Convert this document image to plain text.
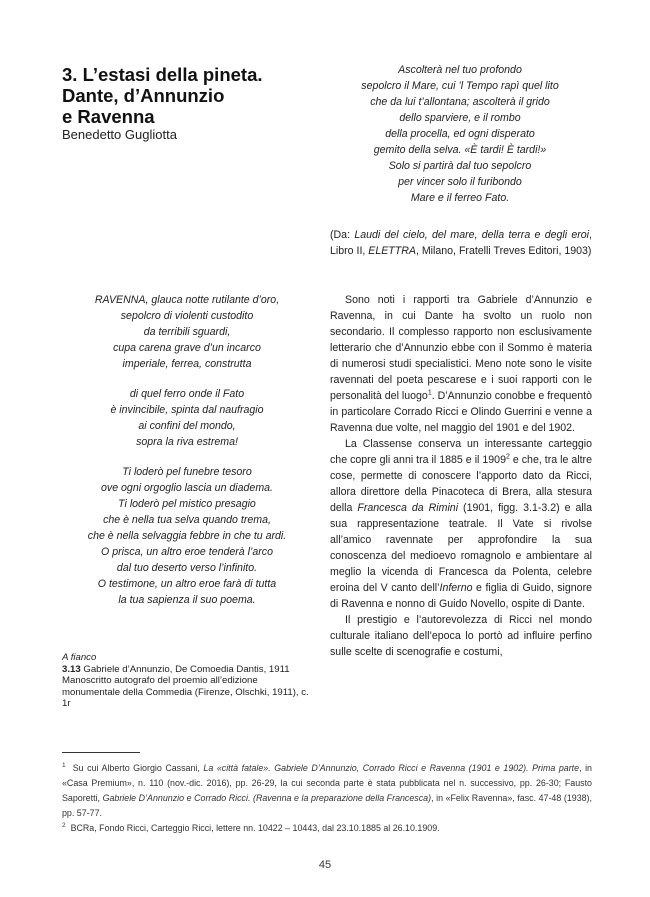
3. L’estasi della pineta.
Dante, d’Annunzio
e Ravenna
Benedetto Gugliotta
Ascolterà nel tuo profondo
sepolcro il Mare, cui ’l Tempo rapì quel lito
che da lui t’allontana; ascolterà il grido
dello sparviere, e il rombo
della procella, ed ogni disperato
gemito della selva. «È tardi! È tardi!»
Solo si partirà dal tuo sepolcro
per vincer solo il furibondo
Mare e il ferreo Fato.
(Da: Laudi del cielo, del mare, della terra e degli eroi, Libro II, ELETTRA, Milano, Fratelli Treves Editori, 1903)
RAVENNA, glauca notte rutilante d’oro,
sepolcro di violenti custodito
da terribili sguardi,
cupa carena grave d’un incarco
imperiale, ferrea, construtta
di quel ferro onde il Fato
è invincibile, spinta dal naufragio
ai confini del mondo,
sopra la riva estrema!
Ti loderò pel funebre tesoro
ove ogni orgoglio lascia un diadema.
Ti loderò pel mistico presagio
che è nella tua selva quando trema,
che è nella selvaggia febbre in che tu ardi.
O prisca, un altro eroe tenderà l’arco
dal tuo deserto verso l’infinito.
O testimone, un altro eroe farà di tutta
la tua sapienza il suo poema.

Sono noti i rapporti tra Gabriele d’Annunzio e Ravenna, in cui Dante ha svolto un ruolo non secondario. Il complesso rapporto non esclusivamente letterario che d’Annunzio ebbe con il Sommo è materia di numerosi studi specialistici. Meno note sono le visite ravennati del poeta pescarese e i suoi rapporti con le personalità del luogo$^1$. D’Annunzio conobbe e frequentò in particolare Corrado Ricci e Olindo Guerrini e venne a Ravenna due volte, nel maggio del 1901 e del 1902.

La Classense conserva un interessante carteggio che copre gli anni tra il 1885 e il 1909$^2$ e che, tra le altre cose, permette di conoscere l’apporto dato da Ricci, allora direttore della Pinacoteca di Brera, alla stesura della Francesca da Rimini (1901, figg. 3.1-3.2) e alla sua rappresentazione teatrale. Il Vate si rivolse all’amico ravennate per approfondire la sua conoscenza del medioevo romagnolo e ambientare al meglio la vicenda di Francesca da Polenta, celebre eroina del V canto dell’Inferno e figlia di Guido, signore di Ravenna e nonno di Guido Novello, ospite di Dante.

Il prestigio e l’autorevolezza di Ricci nel mondo culturale italiano dell’epoca lo portò ad influire perfino sulle scelte di scenografie e costumi,

A fianco
3.13 Gabriele d’Annunzio, De Comoedia Dantis, 1911
Manoscritto autografo del proemio all’edizione monumentale della Commedia (Firenze, Olschki, 1911), c. 1r

$^1$ Su cui Alberto Giorgio Cassani, La «città fatale». Gabriele D’Annunzio, Corrado Ricci e Ravenna (1901 e 1902). Prima parte, in «Casa Premium», n. 110 (nov.-dic. 2016), pp. 26-29, la cui seconda parte è stata pubblicata nel n. successivo, pp. 26-30; Fausto Saporetti, Gabriele D’Annunzio e Corrado Ricci. (Ravenna e la preparazione della Francesca), in «Felix Ravenna», fasc. 47-48 (1938), pp. 57-77.

$^2$ BCRa, Fondo Ricci, Carteggio Ricci, lettere nn. 10422 – 10443, dal 23.10.1885 al 26.10.1909.

45
